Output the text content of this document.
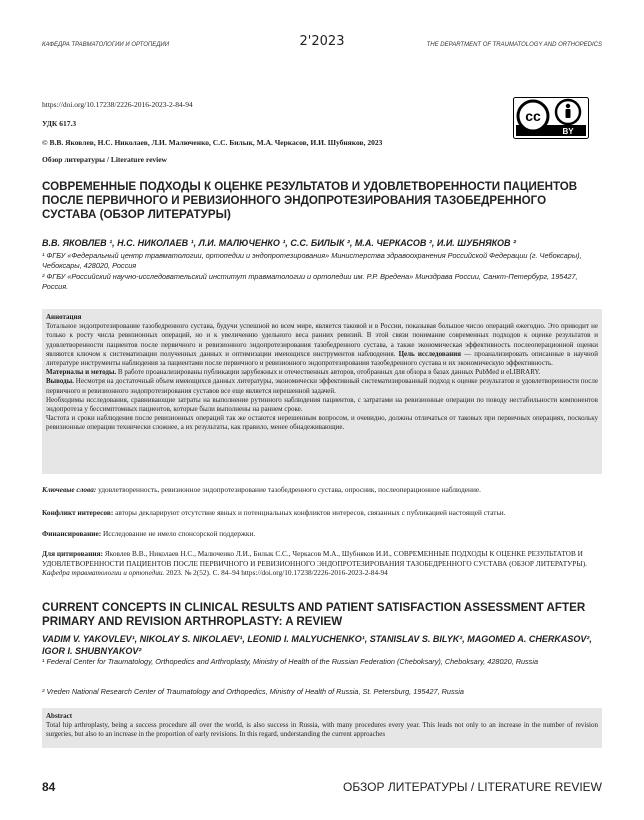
КАФЕДРА ТРАВМАТОЛОГИИ И ОРТОПЕДИИ	2'2023	THE DEPARTMENT OF TRAUMATOLOGY AND ORTHOPEDICS
https://doi.org/10.17238/2226-2016-2023-2-84-94
УДК 617.3
© В.В. Яковлев, Н.С. Николаев, Л.И. Малюченко, С.С. Билык, М.А. Черкасов, И.И. Шубняков, 2023
Обзор литературы / Literature review
cc
BY
СОВРЕМЕННЫЕ ПОДХОДЫ К ОЦЕНКЕ РЕЗУЛЬТАТОВ И УДОВЛЕТВОРЕННОСТИ ПАЦИЕНТОВ ПОСЛЕ ПЕРВИЧНОГО И РЕВИЗИОННОГО ЭНДОПРОТЕЗИРОВАНИЯ ТАЗОБЕДРЕННОГО СУСТАВА (ОБЗОР ЛИТЕРАТУРЫ)
В.В. ЯКОВЛЕВ ¹, Н.С. НИКОЛАЕВ ¹, Л.И. МАЛЮЧЕНКО ¹, С.С. БИЛЫК ², М.А. ЧЕРКАСОВ ², И.И. ШУБНЯКОВ ²
¹ ФГБУ «Федеральный центр травматологии, ортопедии и эндопротезирования» Министерства здравоохранения Российской Федерации (г. Чебоксары), Чебоксары, 428020, Россия
² ФГБУ «Российский научно-исследовательский институт травматологии и ортопедии им. Р.Р. Вредена» Минздрава России, Санкт-Петербург, 195427, Россия.

Аннотация

Тотальное эндопротезирование тазобедренного сустава, будучи успешной во всем мире, является таковой и в России, показывая большое число операций ежегодно. Это приводит не только к росту числа ревизионных операций, но и к увеличению удельного веса ранних ревизий. В этой связи понимание современных подходов к оценке результатов и удовлетворенности пациентов после первичного и ревизионного эндопротезирования тазобедренного сустава, а также экономическая эффективность послеоперационной оценки являются ключом к систематизации полученных данных и оптимизации имеющихся инструментов наблюдения. Цель исследования — проанализировать описанные в научной литературе инструменты наблюдения за пациентами после первичного и ревизионного эндопротезирования тазобедренного сустава и их экономическую эффективность.

Материалы и методы. В работе проанализированы публикации зарубежных и отечественных авторов, отобранных для обзора в базах данных PubMed и eLIBRARY.

Выводы. Несмотря на достаточный объем имеющихся данных литературы, экономически эффективный систематизированный подход к оценке результатов и удовлетворенности после первичного и ревизионного эндопротезирования суставов все еще является нерешенной задачей.

Необходимы исследования, сравнивающие затраты на выполнение рутинного наблюдения пациентов, с затратами на ревизионные операции по поводу нестабильности компонентов эндопротеза у бессимптомных пациентов, которые были выполнены на раннем сроке.

Частота и сроки наблюдения после ревизионных операций так же остаются нерешенным вопросом, и очевидно, должны отличаться от таковых при первичных операциях, поскольку ревизионные операции технически сложнее, а их результаты, как правило, менее обнадеживающие.

Ключевые слова: удовлетворенность, ревизионное эндопротезирование тазобедренного сустава, опросник, послеоперационное наблюдение.
Конфликт интересов: авторы декларируют отсутствие явных и потенциальных конфликтов интересов, связанных с публикацией настоящей статьи.
Финансирование: Исследование не имело спонсорской поддержки.
Для цитирования: Яковлев В.В., Николаев Н.С., Малюченко Л.И., Билык С.С., Черкасов М.А., Шубняков И.И., СОВРЕМЕННЫЕ ПОДХОДЫ К ОЦЕНКЕ РЕЗУЛЬТАТОВ И УДОВЛЕТВОРЕННОСТИ ПАЦИЕНТОВ ПОСЛЕ ПЕРВИЧНОГО И РЕВИЗИОННОГО ЭНДОПРОТЕЗИРОВАНИЯ ТАЗОБЕДРЕННОГО СУСТАВА (ОБЗОР ЛИТЕРАТУРЫ). Кафедра травматологии и ортопедии. 2023. № 2(52). С. 84–94 https://doi.org/10.17238/2226-2016-2023-2-84-94
CURRENT CONCEPTS IN CLINICAL RESULTS AND PATIENT SATISFACTION ASSESSMENT AFTER PRIMARY AND REVISION ARTHROPLASTY: A REVIEW
VADIM V. YAKOVLEV¹, NIKOLAY S. NIKOLAEV¹, LEONID I. MALYUCHENKO¹, STANISLAV S. BILYK², MAGOMED A. CHERKASOV², IGOR I. SHUBNYAKOV²
¹ Federal Center for Traumatology, Orthopedics and Arthroplasty, Ministry of Health of the Russian Federation (Cheboksary), Cheboksary, 428020, Russia
² Vreden National Research Center of Traumatology and Orthopedics, Ministry of Health of Russia, St. Petersburg, 195427, Russia

Abstract

Total hip arthroplasty, being a success procedure all over the world, is also success in Russia, with many procedures every year. This leads not only to an increase in the number of revision surgeries, but also to an increase in the proportion of early revisions. In this regard, understanding the current approaches

84	ОБЗОР ЛИТЕРАТУРЫ / LITERATURE REVIEW
